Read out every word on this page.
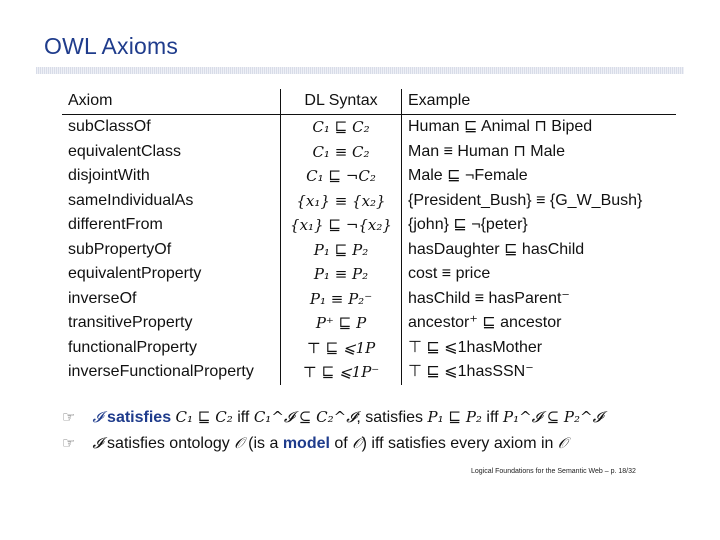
OWL Axioms
Axiom	DL Syntax	Example
subClassOf	C₁ ⊑ C₂	Human ⊑ Animal ⊓ Biped
equivalentClass	C₁ ≡ C₂	Man ≡ Human ⊓ Male
disjointWith	C₁ ⊑ ¬C₂	Male ⊑ ¬Female
sameIndividualAs	{x₁} ≡ {x₂}	{President_Bush} ≡ {G_W_Bush}
differentFrom	{x₁} ⊑ ¬{x₂}	{john} ⊑ ¬{peter}
subPropertyOf	P₁ ⊑ P₂	hasDaughter ⊑ hasChild
equivalentProperty	P₁ ≡ P₂	cost ≡ price
inverseOf	P₁ ≡ P₂⁻	hasChild ≡ hasParent⁻
transitiveProperty	P⁺ ⊑ P	ancestor⁺ ⊑ ancestor
functionalProperty	⊤ ⊑ ⩽1P	⊤ ⊑ ⩽1hasMother
inverseFunctionalProperty	⊤ ⊑ ⩽1P⁻	⊤ ⊑ ⩽1hasSSN⁻
☞ 𝓘 satisfies C₁ ⊑ C₂ iff C₁^𝓘 ⊆ C₂^𝓘; satisfies P₁ ⊑ P₂ iff P₁^𝓘 ⊆ P₂^𝓘
☞ 𝓘 satisfies ontology 𝒪 (is a model of 𝒪) iff satisfies every axiom in 𝒪
Logical Foundations for the Semantic Web – p. 18/32
